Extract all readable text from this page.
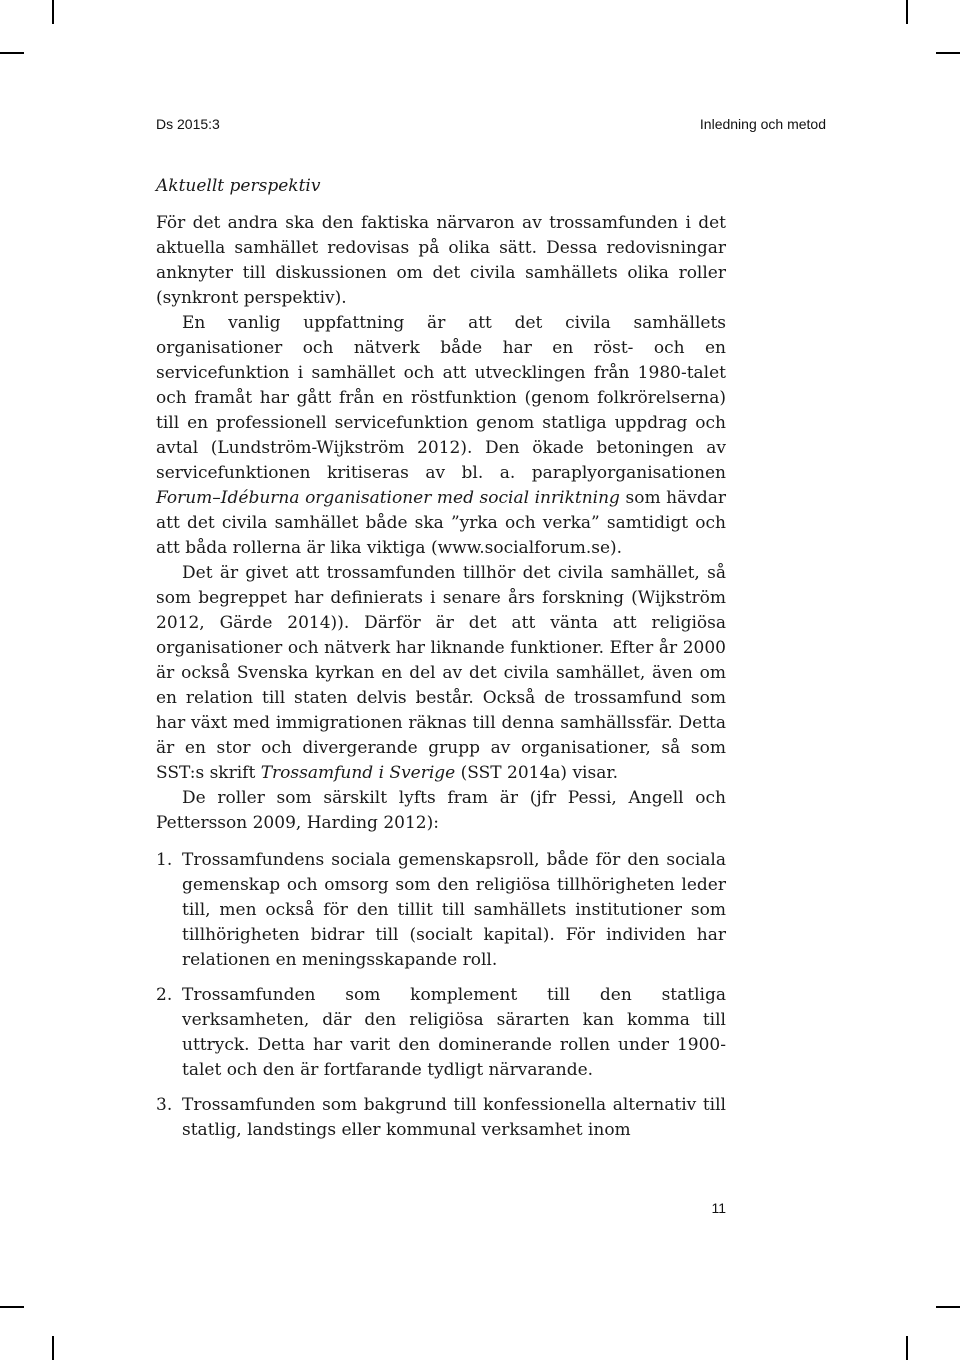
Ds 2015:3	Inledning och metod

Aktuellt perspektiv

För det andra ska den faktiska närvaron av trossamfunden i det aktuella samhället redovisas på olika sätt. Dessa redovisningar anknyter till diskussionen om det civila samhällets olika roller (synkront perspektiv).

En vanlig uppfattning är att det civila samhällets organisationer och nätverk både har en röst- och en servicefunktion i samhället och att utvecklingen från 1980-talet och framåt har gått från en röstfunktion (genom folkrörelserna) till en professionell servicefunktion genom statliga uppdrag och avtal (Lundström-Wijkström 2012). Den ökade betoningen av servicefunktionen kritiseras av bl. a. paraplyorganisationen Forum–Idéburna organisationer med social inriktning som hävdar att det civila samhället både ska ”yrka och verka” samtidigt och att båda rollerna är lika viktiga (www.socialforum.se).

Det är givet att trossamfunden tillhör det civila samhället, så som begreppet har definierats i senare års forskning (Wijkström 2012, Gärde 2014)). Därför är det att vänta att religiösa organisationer och nätverk har liknande funktioner. Efter år 2000 är också Svenska kyrkan en del av det civila samhället, även om en relation till staten delvis består. Också de trossamfund som har växt med immigrationen räknas till denna samhällssfär. Detta är en stor och divergerande grupp av organisationer, så som SST:s skrift Trossamfund i Sverige (SST 2014a) visar.

De roller som särskilt lyfts fram är (jfr Pessi, Angell och Pettersson 2009, Harding 2012):

1. Trossamfundens sociala gemenskapsroll, både för den sociala gemenskap och omsorg som den religiösa tillhörigheten leder till, men också för den tillit till samhällets institutioner som tillhörigheten bidrar till (socialt kapital). För individen har relationen en meningsskapande roll.
2. Trossamfunden som komplement till den statliga verksamheten, där den religiösa särarten kan komma till uttryck. Detta har varit den dominerande rollen under 1900-talet och den är fortfarande tydligt närvarande.
3. Trossamfunden som bakgrund till konfessionella alternativ till statlig, landstings eller kommunal verksamhet inom
11
